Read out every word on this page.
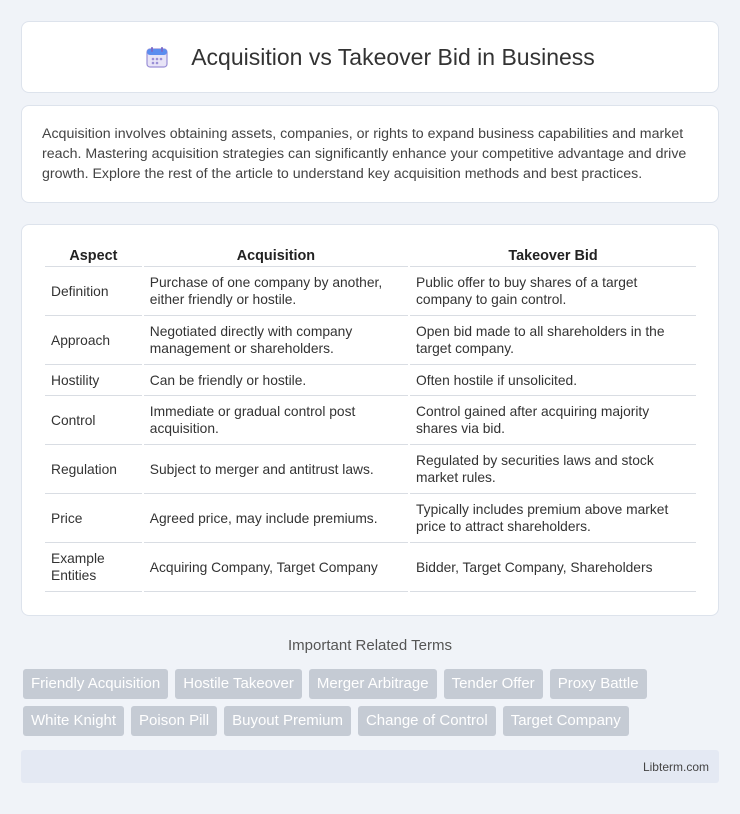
Acquisition vs Takeover Bid in Business

Acquisition involves obtaining assets, companies, or rights to expand business capabilities and market reach. Mastering acquisition strategies can significantly enhance your competitive advantage and drive growth. Explore the rest of the article to understand key acquisition methods and best practices.

Aspect	Acquisition	Takeover Bid
Definition	Purchase of one company by another, either friendly or hostile.	Public offer to buy shares of a target company to gain control.
Approach	Negotiated directly with company management or shareholders.	Open bid made to all shareholders in the target company.
Hostility	Can be friendly or hostile.	Often hostile if unsolicited.
Control	Immediate or gradual control post acquisition.	Control gained after acquiring majority shares via bid.
Regulation	Subject to merger and antitrust laws.	Regulated by securities laws and stock market rules.
Price	Agreed price, may include premiums.	Typically includes premium above market price to attract shareholders.
Example Entities	Acquiring Company, Target Company	Bidder, Target Company, Shareholders
Important Related Terms
Friendly Acquisition	Hostile Takeover	Merger Arbitrage	Tender Offer	Proxy Battle
White Knight	Poison Pill	Buyout Premium	Change of Control	Target Company
Libterm.com
